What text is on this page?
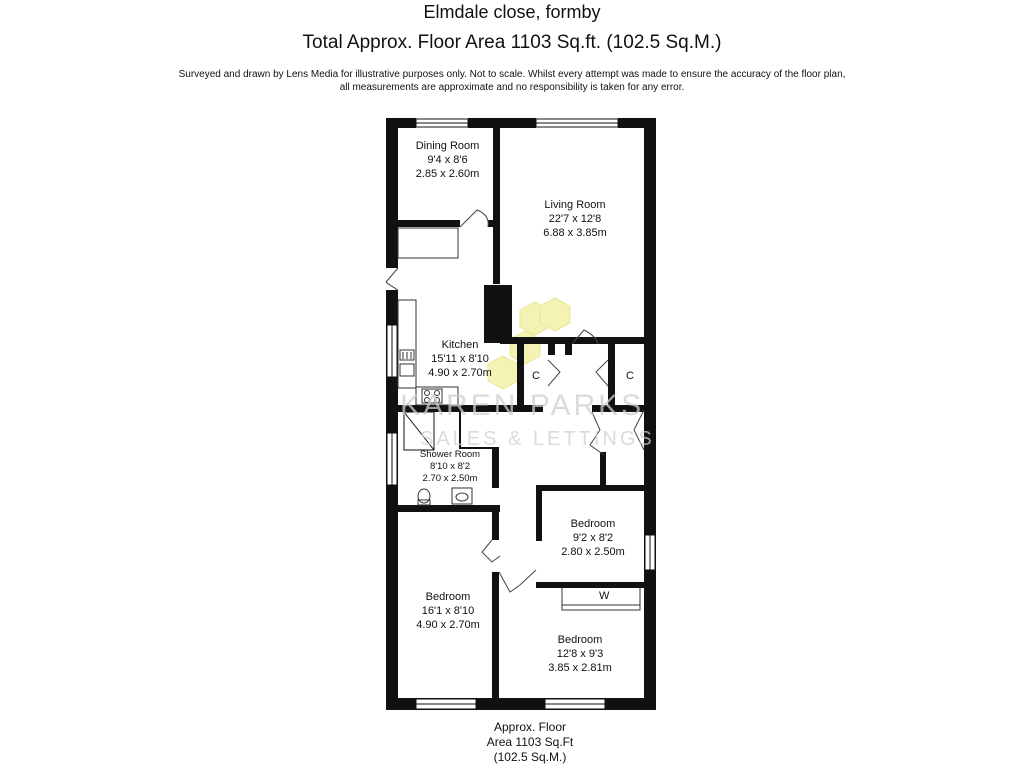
Elmdale close, formby
Total Approx. Floor Area 1103 Sq.ft. (102.5 Sq.M.)
Surveyed and drawn by Lens Media for illustrative purposes only. Not to scale. Whilst every attempt was made to ensure the accuracy of the floor plan,
all measurements are approximate and no responsibility is taken for any error.
KAREN PARKS
SALES & LETTINGS
Dining Room
9'4 x 8'6
2.85 x 2.60m
Living Room
22'7 x 12'8
6.88 x 3.85m
Kitchen
15'11 x 8'10
4.90 x 2.70m
Shower Room
8'10 x 8'2
2.70 x 2.50m
Bedroom
9'2 x 8'2
2.80 x 2.50m
Bedroom
16'1 x 8'10
4.90 x 2.70m
Bedroom
12'8 x 9'3
3.85 x 2.81m
C	C
W
Approx. Floor
Area 1103 Sq.Ft
(102.5 Sq.M.)
